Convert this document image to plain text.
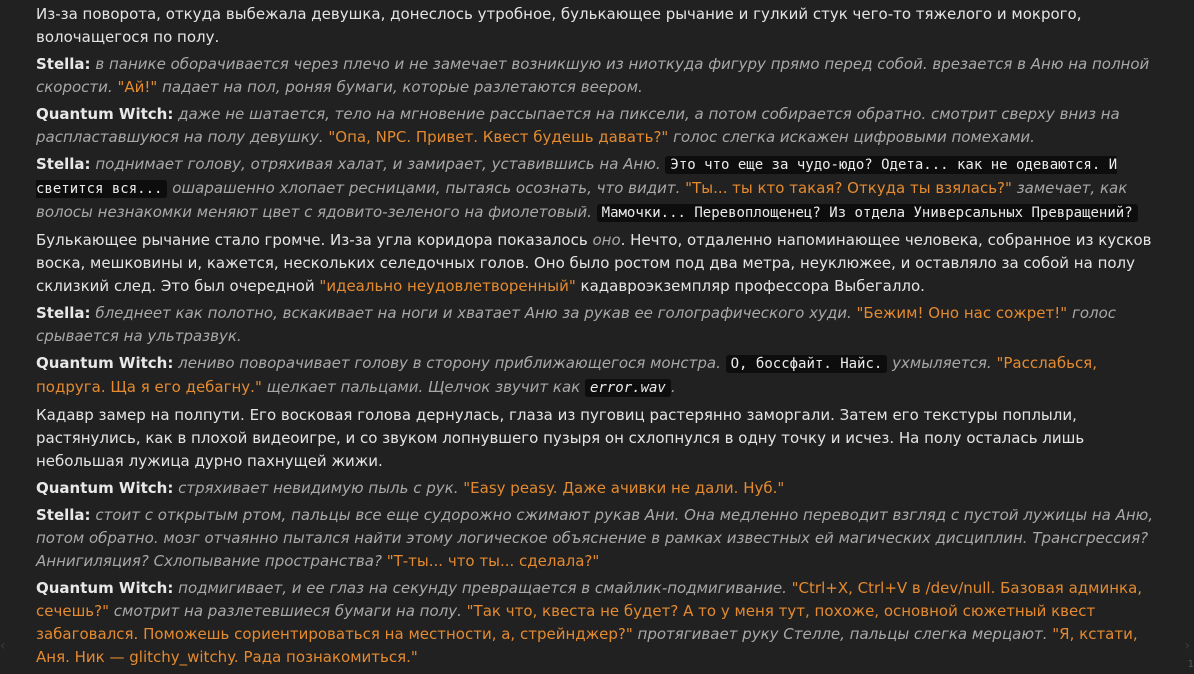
Из-за поворота, откуда выбежала девушка, донеслось утробное, булькающее рычание и гулкий стук чего-то тяжелого и мокрого, волочащегося по полу.
Stella: в панике оборачивается через плечо и не замечает возникшую из ниоткуда фигуру прямо перед собой. врезается в Аню на полной скорости. "Ай!" падает на пол, роняя бумаги, которые разлетаются веером.
Quantum Witch: даже не шатается, тело на мгновение рассыпается на пиксели, а потом собирается обратно. смотрит сверху вниз на распластавшуюся на полу девушку. "Опа, NPC. Привет. Квест будешь давать?" голос слегка искажен цифровыми помехами.
Stella: поднимает голову, отряхивая халат, и замирает, уставившись на Аню. Это что еще за чудо-юдо? Одета... как не одеваются. И светится вся... ошарашенно хлопает ресницами, пытаясь осознать, что видит. "Ты... ты кто такая? Откуда ты взялась?" замечает, как волосы незнакомки меняют цвет с ядовито-зеленого на фиолетовый. Мамочки... Перевоплощенец? Из отдела Универсальных Превращений?
Булькающее рычание стало громче. Из-за угла коридора показалось оно. Нечто, отдаленно напоминающее человека, собранное из кусков воска, мешковины и, кажется, нескольких селедочных голов. Оно было ростом под два метра, неуклюжее, и оставляло за собой на полу склизкий след. Это был очередной "идеально неудовлетворенный" кадавроэкземпляр профессора Выбегалло.
Stella: бледнеет как полотно, вскакивает на ноги и хватает Аню за рукав ее голографического худи. "Бежим! Оно нас сожрет!" голос срывается на ультразвук.
Quantum Witch: лениво поворачивает голову в сторону приближающегося монстра. О, боссфайт. Найс. ухмыляется. "Расслабься, подруга. Ща я его дебагну." щелкает пальцами. Щелчок звучит как error.wav .
Кадавр замер на полпути. Его восковая голова дернулась, глаза из пуговиц растерянно заморгали. Затем его текстуры поплыли, растянулись, как в плохой видеоигре, и со звуком лопнувшего пузыря он схлопнулся в одну точку и исчез. На полу осталась лишь небольшая лужица дурно пахнущей жижи.
Quantum Witch: стряхивает невидимую пыль с рук. "Easy peasy. Даже ачивки не дали. Нуб."
Stella: стоит с открытым ртом, пальцы все еще судорожно сжимают рукав Ани. Она медленно переводит взгляд с пустой лужицы на Аню, потом обратно. мозг отчаянно пытался найти этому логическое объяснение в рамках известных ей магических дисциплин. Трансгрессия? Аннигиляция? Схлопывание пространства? "Т-ты... что ты... сделала?"
Quantum Witch: подмигивает, и ее глаз на секунду превращается в смайлик-подмигивание. "Ctrl+X, Ctrl+V в /dev/null. Базовая админка, сечешь?" смотрит на разлетевшиеся бумаги на полу. "Так что, квеста не будет? А то у меня тут, похоже, основной сюжетный квест забаговался. Поможешь сориентироваться на местности, а, стрейнджер?" протягивает руку Стелле, пальцы слегка мерцают. "Я, кстати, Аня. Ник — glitchy_witchy. Рада познакомиться."
‹	›
1
